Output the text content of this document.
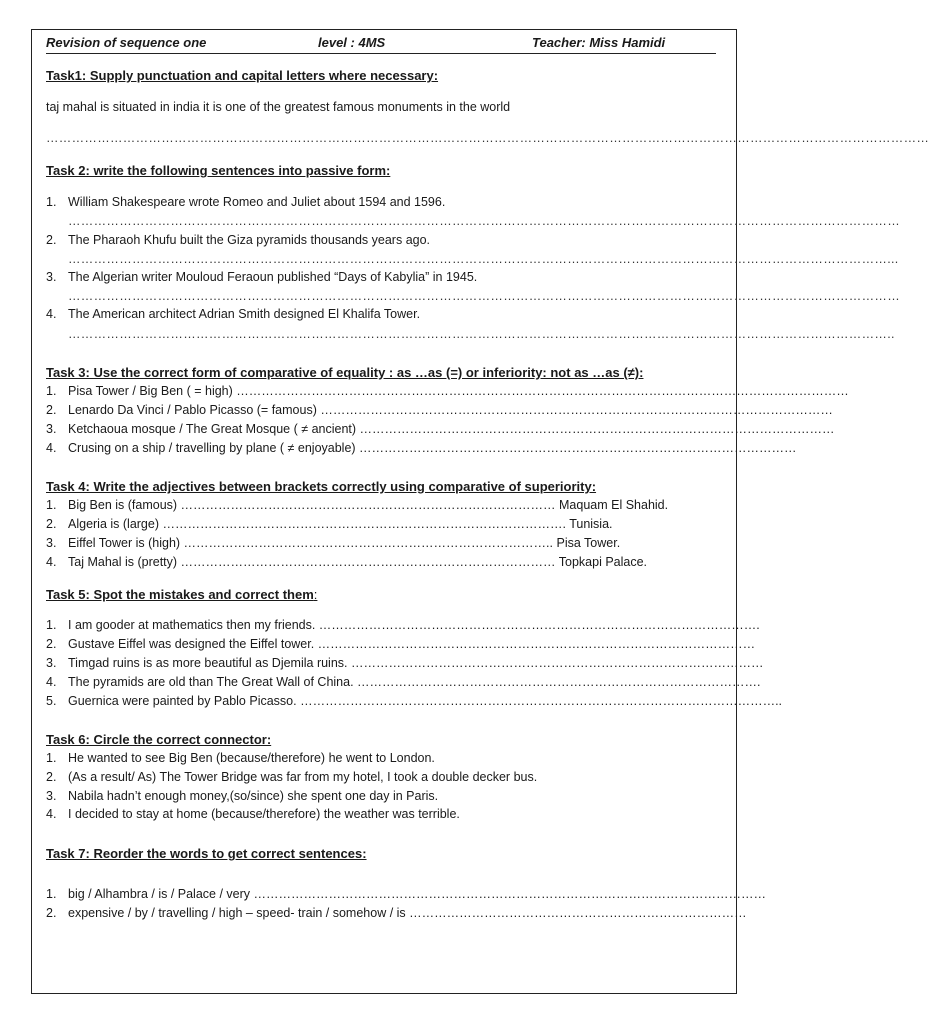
Revision of sequence one	level : 4MS	Teacher: Miss Hamidi
Task1: Supply punctuation and capital letters where necessary:
taj mahal is situated in india it is one of the greatest famous monuments in the world
………………………………………………………………………………………………………………………………………………………………………………………
Task 2: write the following sentences into passive form:
1. William Shakespeare wrote Romeo and Juliet about 1594 and 1596.
……………………………………………………………………………………………………………………………………………………………………………
2. The Pharaoh Khufu built the Giza pyramids thousands years ago.
…………………………………………………………………………………………………………………………………………………………………………...
3. The Algerian writer Mouloud Feraoun published “Days of Kabylia” in 1945.
……………………………………………………………………………………………………………………………………………………………………………
4. The American architect Adrian Smith designed El Khalifa Tower.
…………………………………………………………………………………………………………………………………………………………………………..
Task 3: Use the correct form of comparative of equality : as …as (=) or inferiority: not as …as (≠):
1. Pisa Tower / Big Ben ( = high) …………………………………………………………………………………………………………………………………
2. Lenardo Da Vinci / Pablo Picasso (= famous) ……………………………………………………………………………………………………………
3. Ketchaoua mosque / The Great Mosque ( ≠ ancient) ……………………………………………………………………………………………………
4. Crusing on a ship / travelling by plane ( ≠ enjoyable) ……………………………………………………………………………………………
Task 4: Write the adjectives between brackets correctly using comparative of superiority:
1. Big Ben is (famous) ……………………………………………………………………………… Maquam El Shahid.
2. Algeria is (large) ……………………………………………………………………………………. Tunisia.
3. Eiffel Tower is (high) …………………………………………………………………………….. Pisa Tower.
4. Taj Mahal is (pretty) ……………………………………………………………………………… Topkapi Palace.
Task 5: Spot the mistakes and correct them:
1. I am gooder at mathematics then my friends. …………………………………………………………………………………………….
2. Gustave Eiffel was designed the Eiffel tower. ……………………………………………………………………………………………
3. Timgad ruins is as more beautiful as Djemila ruins. ………………………………………………………………………………………
4. The pyramids are old than The Great Wall of China. …………………………………………………………………………………….
5. Guernica were painted by Pablo Picasso. ……………………………………………………………………………………………………..
Task 6: Circle the correct connector:
1. He wanted to see Big Ben (because/therefore) he went to London.
2. (As a result/ As) The Tower Bridge was far from my hotel, I took a double decker bus.
3. Nabila hadn’t enough money,(so/since) she spent one day in Paris.
4. I decided to stay at home (because/therefore) the weather was terrible.
Task 7: Reorder the words to get correct sentences:
1. big / Alhambra / is / Palace / very ……………………………………………………………………………………………………………
2. expensive / by / travelling / high – speed- train / somehow / is ………………………………………………………………………
